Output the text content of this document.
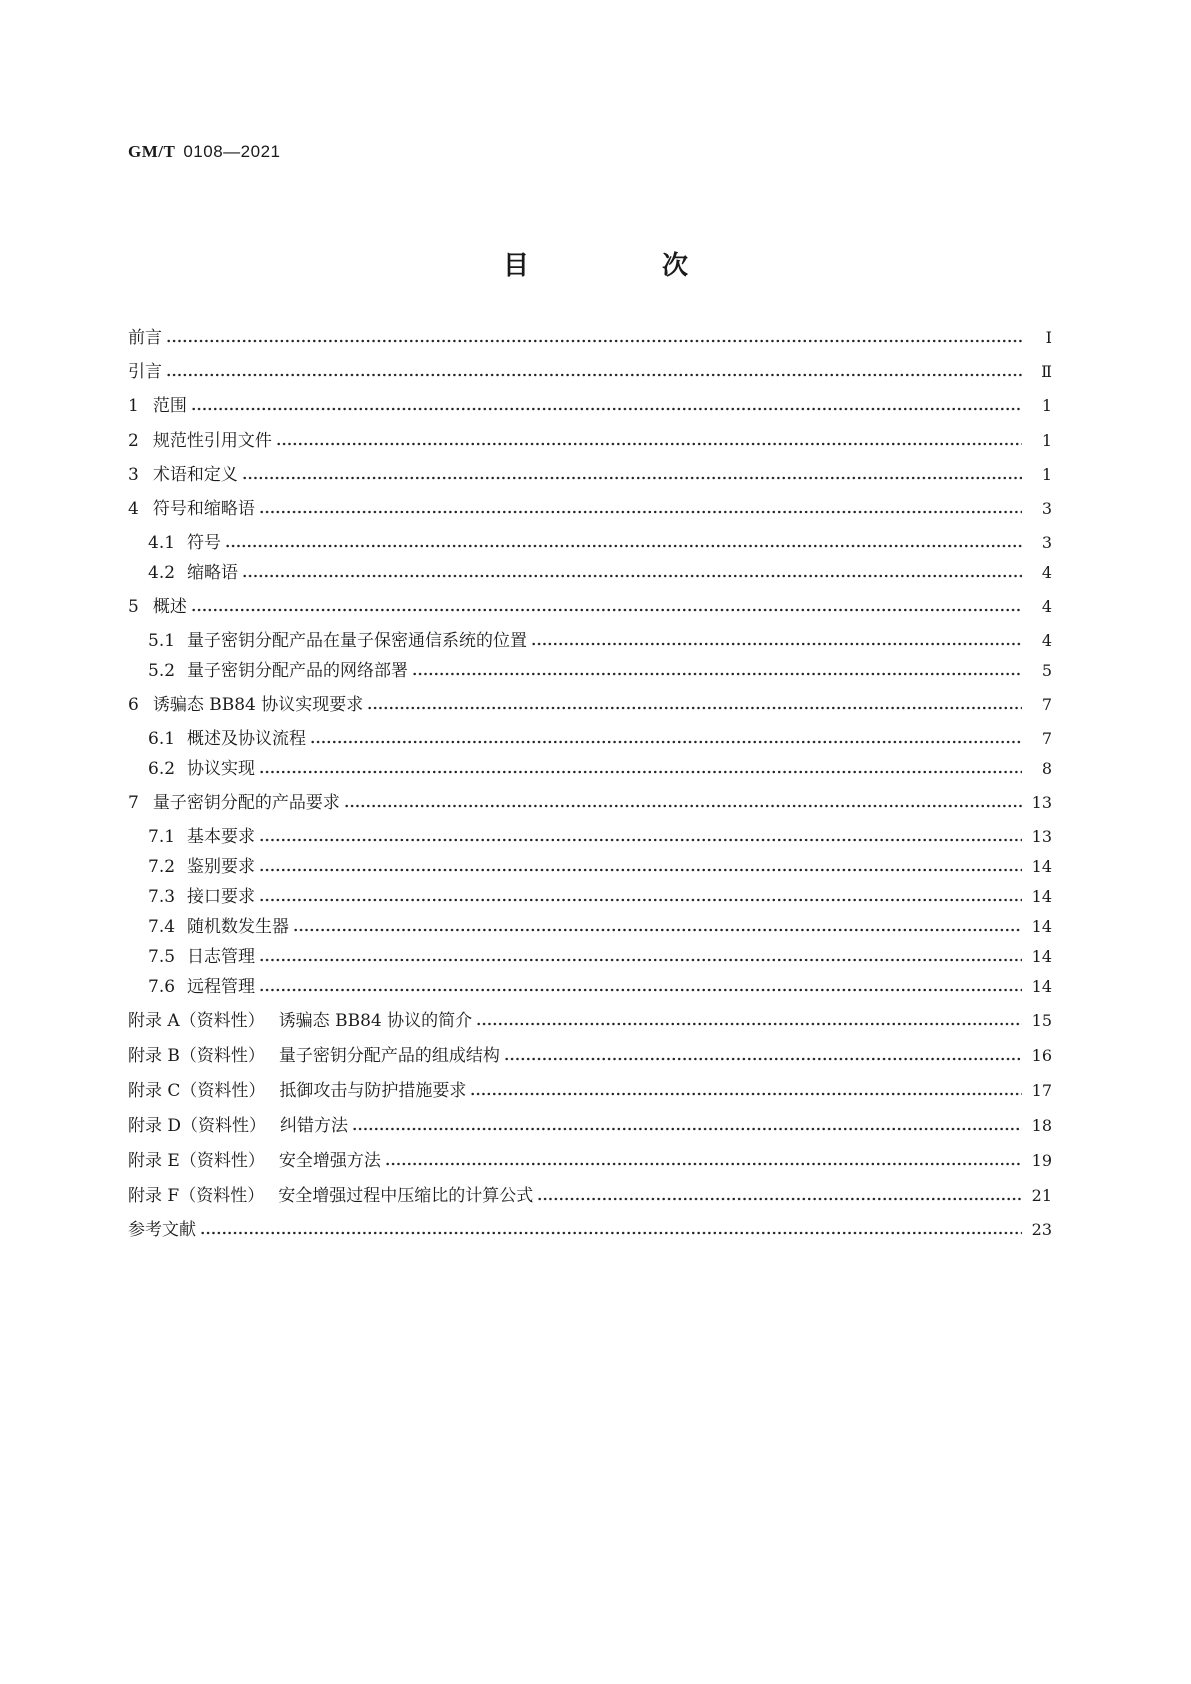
GM/T 0108—2021
目 次
前言	Ⅰ
引言	Ⅱ
1 范围	1
2 规范性引用文件	1
3 术语和定义	1
4 符号和缩略语	3
4.1 符号	3
4.2 缩略语	4
5 概述	4
5.1 量子密钥分配产品在量子保密通信系统的位置	4
5.2 量子密钥分配产品的网络部署	5
6 诱骗态 BB84 协议实现要求	7
6.1 概述及协议流程	7
6.2 协议实现	8
7 量子密钥分配的产品要求	13
7.1 基本要求	13
7.2 鉴别要求	14
7.3 接口要求	14
7.4 随机数发生器	14
7.5 日志管理	14
7.6 远程管理	14
附录 A（资料性） 诱骗态 BB84 协议的简介	15
附录 B（资料性） 量子密钥分配产品的组成结构	16
附录 C（资料性） 抵御攻击与防护措施要求	17
附录 D（资料性） 纠错方法	18
附录 E（资料性） 安全增强方法	19
附录 F（资料性） 安全增强过程中压缩比的计算公式	21
参考文献	23
